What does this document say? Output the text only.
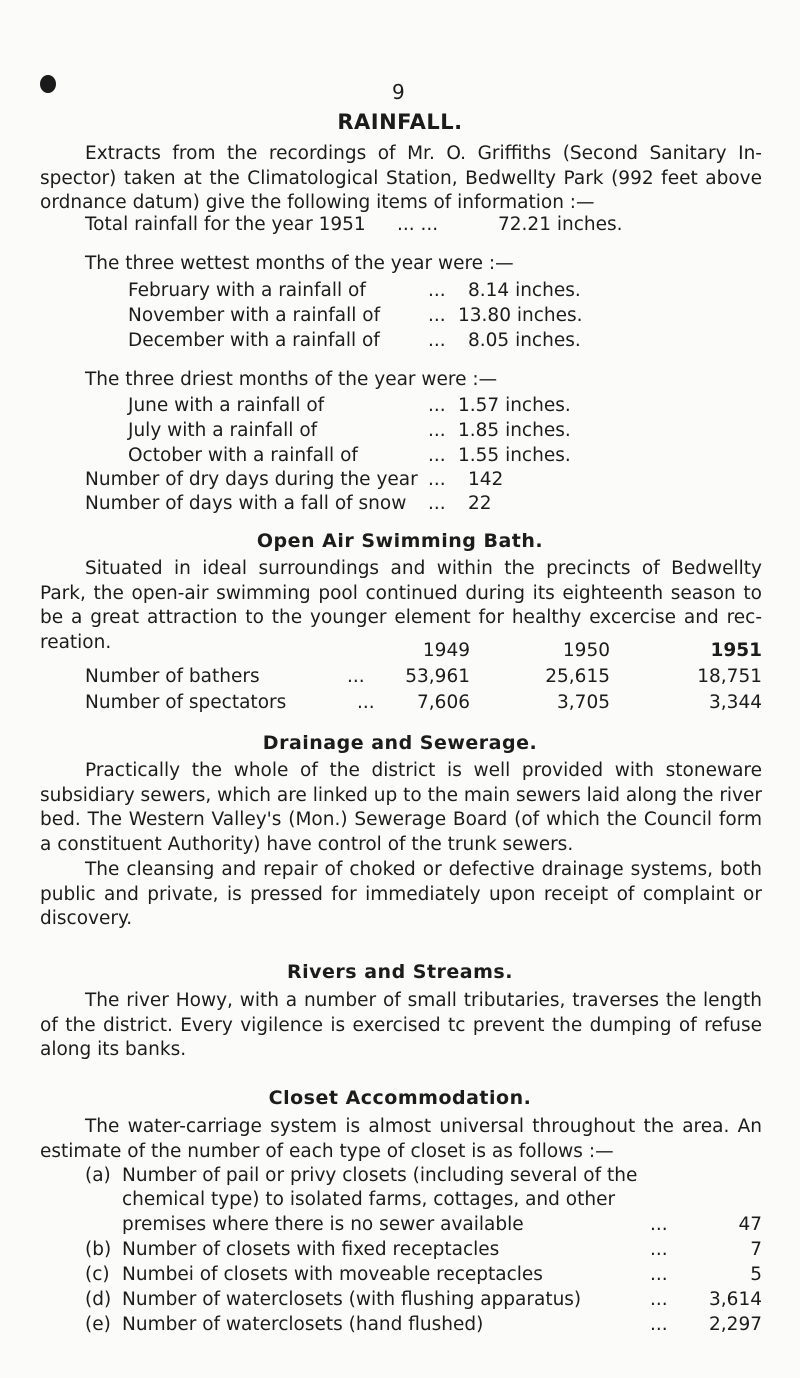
9
RAINFALL.
Extracts from the recordings of Mr. O. Griffiths (Second Sanitary In- spector) taken at the Climatological Station, Bedwellty Park (992 feet above ordnance datum) give the following items of information :—
Total rainfall for the year 1951 ... ...	72.21 inches.
The three wettest months of the year were :—
February with a rainfall of	... 8.14 inches.
November with a rainfall of	... 13.80 inches.
December with a rainfall of	... 8.05 inches.
The three driest months of the year were :—
June with a rainfall of	... 1.57 inches.
July with a rainfall of	... 1.85 inches.
October with a rainfall of	... 1.55 inches.
Number of dry days during the year ... 142
Number of days with a fall of snow ... 22
Open Air Swimming Bath.
Situated in ideal surroundings and within the precincts of Bedwellty Park, the open-air swimming pool continued during its eighteenth season to be a great attraction to the younger element for healthy excercise and rec- reation.	1949	1950	1951
Number of bathers	...	53,961	25,615	18,751
Number of spectators	...	7,606	3,705	3,344
Drainage and Sewerage.
Practically the whole of the district is well provided with stoneware subsidiary sewers, which are linked up to the main sewers laid along the river bed. The Western Valley's (Mon.) Sewerage Board (of which the Council form a constituent Authority) have control of the trunk sewers.
The cleansing and repair of choked or defective drainage systems, both public and private, is pressed for immediately upon receipt of complaint or discovery.
Rivers and Streams.
The river Howy, with a number of small tributaries, traverses the length of the district. Every vigilence is exercised tc prevent the dumping of refuse along its banks.
Closet Accommodation.
The water-carriage system is almost universal throughout the area. An estimate of the number of each type of closet is as follows :—
(a) Number of pail or privy closets (including several of the
chemical type) to isolated farms, cottages, and other
premises where there is no sewer available	...	47
(b) Number of closets with fixed receptacles	...	7
(c) Numbei of closets with moveable receptacles	...	5
(d) Number of waterclosets (with flushing apparatus)	...	3,614
(e) Number of waterclosets (hand flushed)	...	2,297
